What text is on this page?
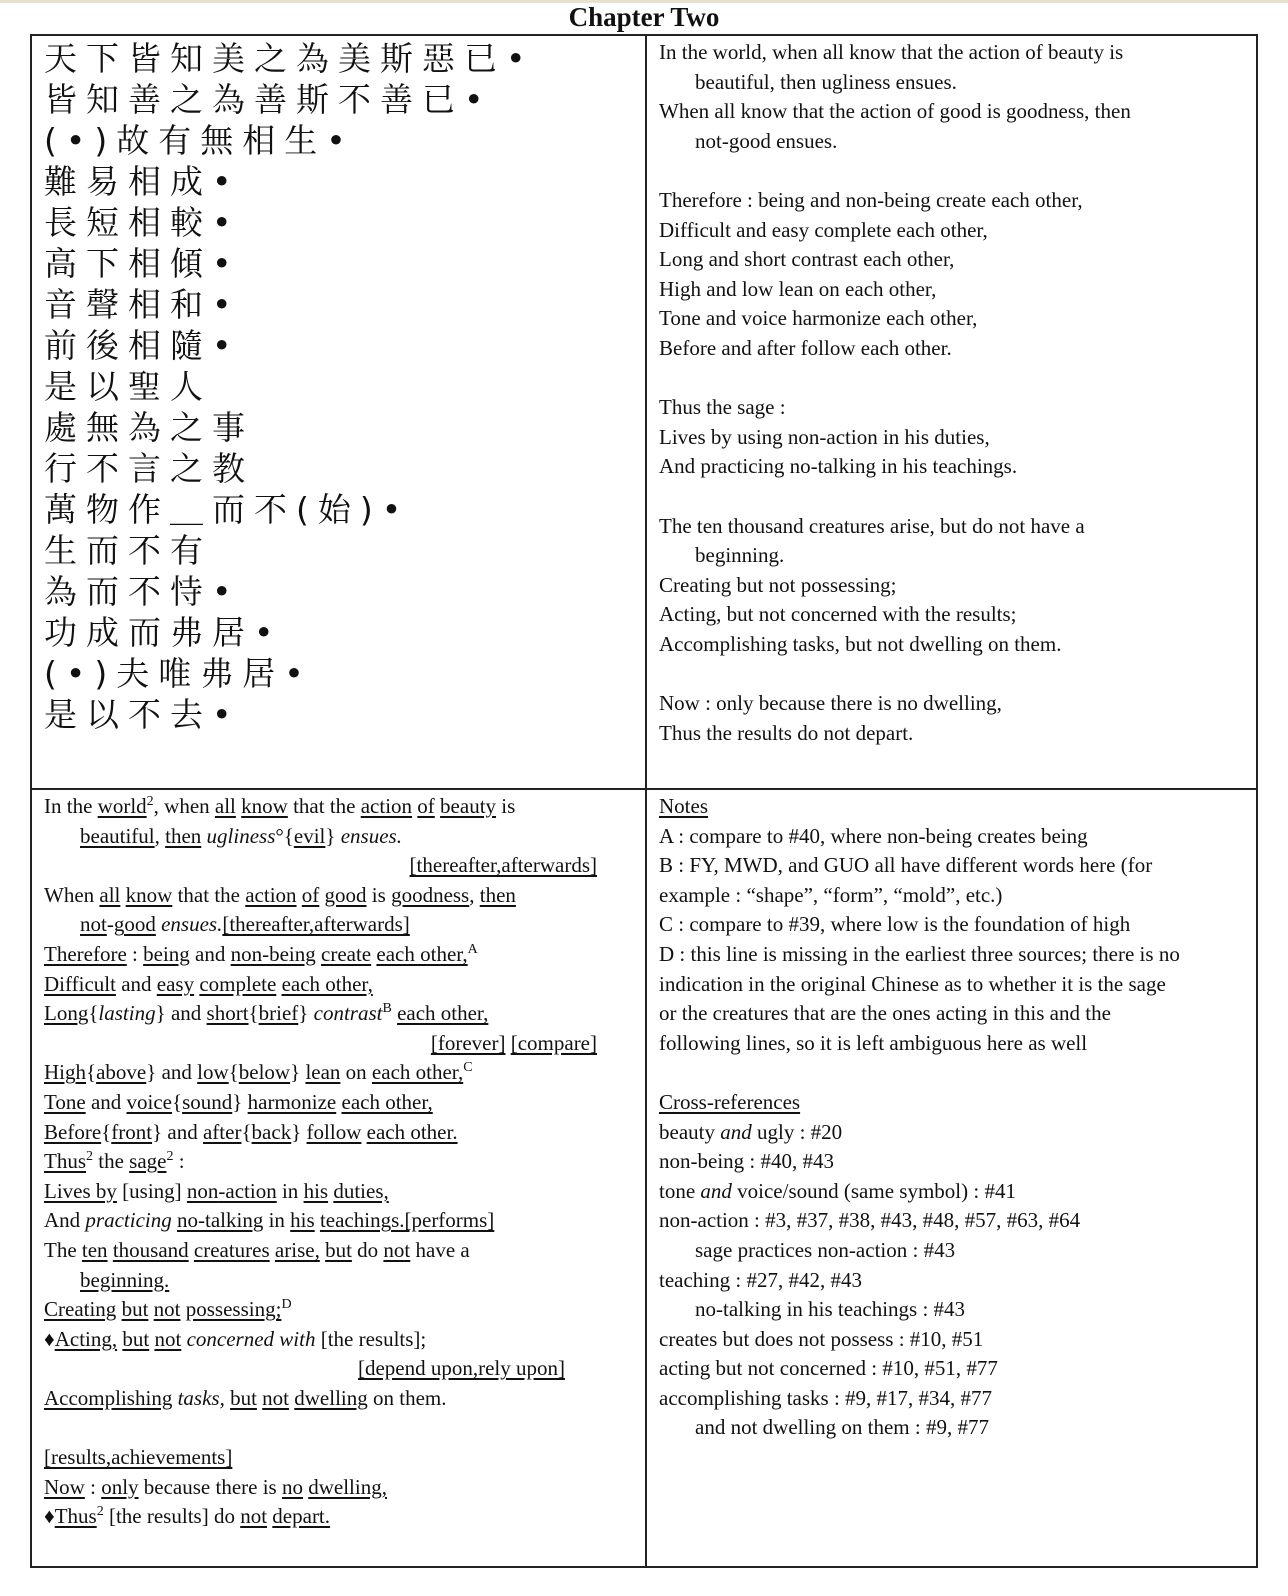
Chapter Two
天下皆知美之為美斯惡已•
皆知善之為善斯不善已•
(•)故有無相生•
難易相成•
長短相較•
高下相傾•
音聲相和•
前後相隨•
是以聖人
處無為之事
行不言之教
萬物作＿而不(始)•
生而不有
為而不恃•
功成而弗居•
(•)夫唯弗居•
是以不去•
In the world, when all know that the action of beauty is
beautiful, then ugliness ensues.
When all know that the action of good is goodness, then
not-good ensues.
Therefore : being and non-being create each other,
Difficult and easy complete each other,
Long and short contrast each other,
High and low lean on each other,
Tone and voice harmonize each other,
Before and after follow each other.
Thus the sage :
Lives by using non-action in his duties,
And practicing no-talking in his teachings.
The ten thousand creatures arise, but do not have a
beginning.
Creating but not possessing;
Acting, but not concerned with the results;
Accomplishing tasks, but not dwelling on them.
Now : only because there is no dwelling,
Thus the results do not depart.
In the world$^2$, when all know that the action of beauty is
beautiful, then ugliness°{evil} ensues.
[thereafter,afterwards]
When all know that the action of good is goodness, then
not-good ensues.[thereafter,afterwards]
Therefore : being and non-being create each other,$^A$
Difficult and easy complete each other,
Long{lasting} and short{brief} contrast$^B$ each other,
[forever] [compare]
High{above} and low{below} lean on each other,$^C$
Tone and voice{sound} harmonize each other,
Before{front} and after{back} follow each other.
Thus$^2$ the sage$^2$ :
Lives by [using] non-action in his duties,
And practicing no-talking in his teachings.[performs]
The ten thousand creatures arise, but do not have a
beginning.
Creating but not possessing;$^D$
♦Acting, but not concerned with [the results];
[depend upon,rely upon]
Accomplishing tasks, but not dwelling on them.
[results,achievements]
Now : only because there is no dwelling,
♦Thus$^2$ [the results] do not depart.
Notes
A : compare to #40, where non-being creates being
B : FY, MWD, and GUO all have different words here (for
example : “shape”, “form”, “mold”, etc.)
C : compare to #39, where low is the foundation of high
D : this line is missing in the earliest three sources; there is no
indication in the original Chinese as to whether it is the sage
or the creatures that are the ones acting in this and the
following lines, so it is left ambiguous here as well
Cross-references
beauty and ugly : #20
non-being : #40, #43
tone and voice/sound (same symbol) : #41
non-action : #3, #37, #38, #43, #48, #57, #63, #64
sage practices non-action : #43
teaching : #27, #42, #43
no-talking in his teachings : #43
creates but does not possess : #10, #51
acting but not concerned : #10, #51, #77
accomplishing tasks : #9, #17, #34, #77
and not dwelling on them : #9, #77
